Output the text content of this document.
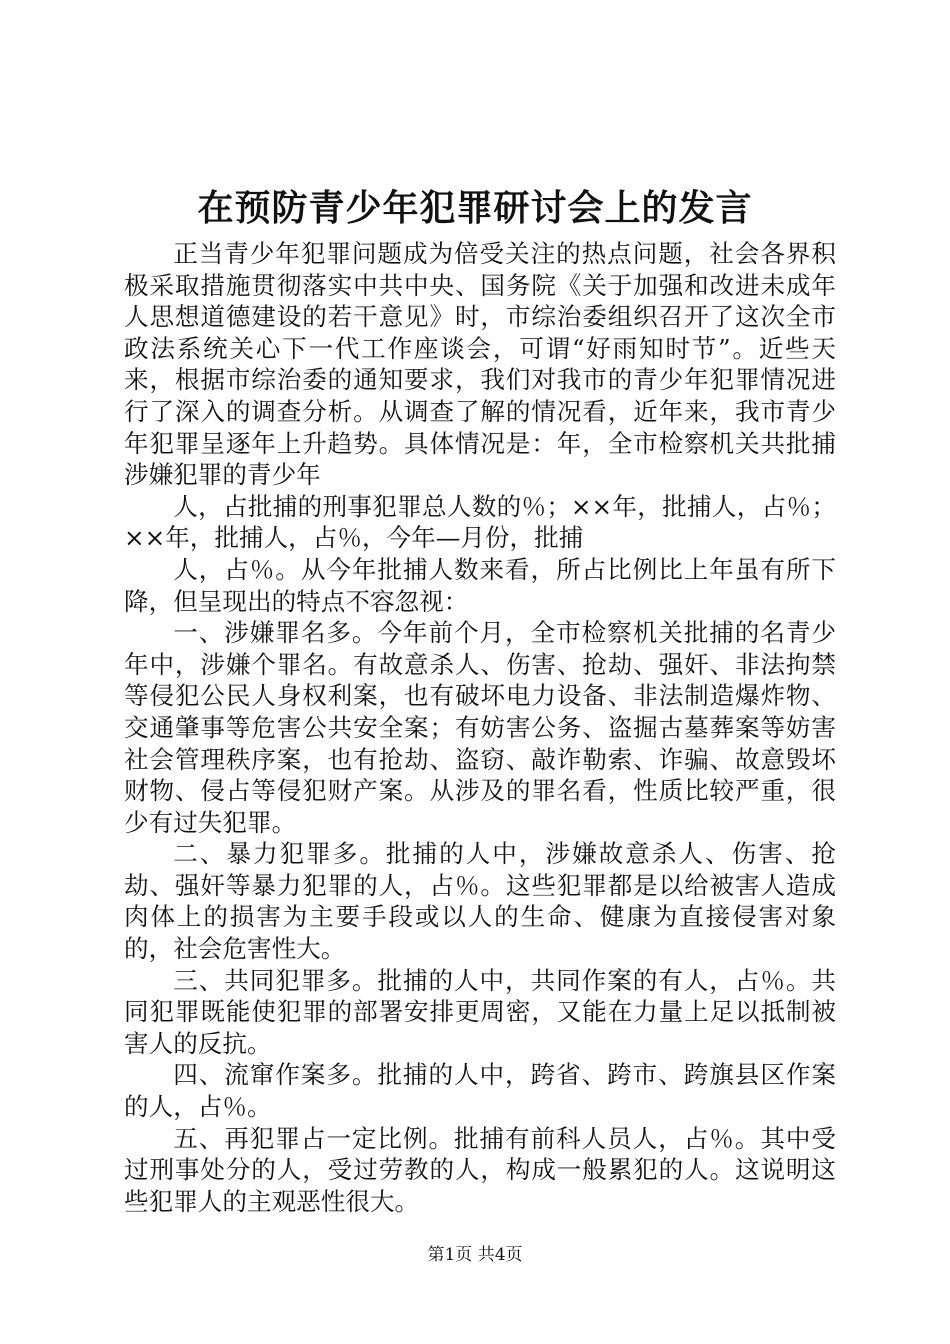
在预防青少年犯罪研讨会上的发言

正当青少年犯罪问题成为倍受关注的热点问题，社会各界积极采取措施贯彻落实中共中央、国务院《关于加强和改进未成年人思想道德建设的若干意见》时，市综治委组织召开了这次全市政法系统关心下一代工作座谈会，可谓“好雨知时节”。近些天来，根据市综治委的通知要求，我们对我市的青少年犯罪情况进行了深入的调查分析。从调查了解的情况看，近年来，我市青少年犯罪呈逐年上升趋势。具体情况是：年，全市检察机关共批捕涉嫌犯罪的青少年

人，占批捕的刑事犯罪总人数的％；××年，批捕人，占％；××年，批捕人，占％，今年—月份，批捕

人，占％。从今年批捕人数来看，所占比例比上年虽有所下降，但呈现出的特点不容忽视：

一、涉嫌罪名多。今年前个月，全市检察机关批捕的名青少年中，涉嫌个罪名。有故意杀人、伤害、抢劫、强奸、非法拘禁等侵犯公民人身权利案，也有破坏电力设备、非法制造爆炸物、交通肇事等危害公共安全案；有妨害公务、盗掘古墓葬案等妨害社会管理秩序案，也有抢劫、盗窃、敲诈勒索、诈骗、故意毁坏财物、侵占等侵犯财产案。从涉及的罪名看，性质比较严重，很少有过失犯罪。

二、暴力犯罪多。批捕的人中，涉嫌故意杀人、伤害、抢劫、强奸等暴力犯罪的人，占％。这些犯罪都是以给被害人造成肉体上的损害为主要手段或以人的生命、健康为直接侵害对象的，社会危害性大。

三、共同犯罪多。批捕的人中，共同作案的有人，占％。共同犯罪既能使犯罪的部署安排更周密，又能在力量上足以抵制被害人的反抗。

四、流窜作案多。批捕的人中，跨省、跨市、跨旗县区作案的人，占％。

五、再犯罪占一定比例。批捕有前科人员人，占％。其中受过刑事处分的人，受过劳教的人，构成一般累犯的人。这说明这些犯罪人的主观恶性很大。

第1页 共4页
